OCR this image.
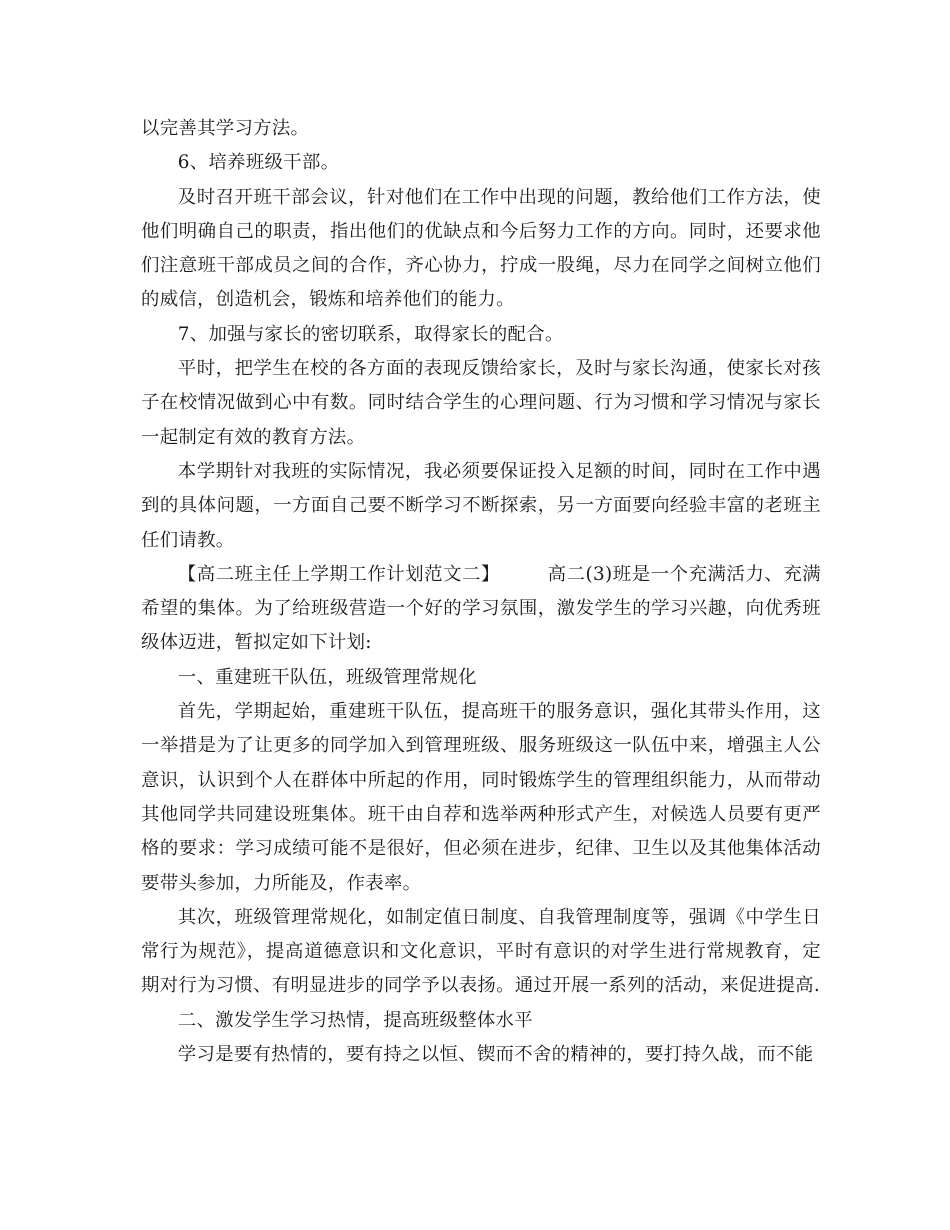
以完善其学习方法。

6、培养班级干部。

及时召开班干部会议，针对他们在工作中出现的问题，教给他们工作方法，使他们明确自己的职责，指出他们的优缺点和今后努力工作的方向。同时，还要求他们注意班干部成员之间的合作，齐心协力，拧成一股绳，尽力在同学之间树立他们的威信，创造机会，锻炼和培养他们的能力。

7、加强与家长的密切联系，取得家长的配合。

平时，把学生在校的各方面的表现反馈给家长，及时与家长沟通，使家长对孩子在校情况做到心中有数。同时结合学生的心理问题、行为习惯和学习情况与家长一起制定有效的教育方法。

本学期针对我班的实际情况，我必须要保证投入足额的时间，同时在工作中遇到的具体问题，一方面自己要不断学习不断探索，另一方面要向经验丰富的老班主任们请教。

【高二班主任上学期工作计划范文二】　　　高二(3)班是一个充满活力、充满希望的集体。为了给班级营造一个好的学习氛围，激发学生的学习兴趣，向优秀班级体迈进，暂拟定如下计划:

一、重建班干队伍，班级管理常规化

首先，学期起始，重建班干队伍，提高班干的服务意识，强化其带头作用，这一举措是为了让更多的同学加入到管理班级、服务班级这一队伍中来，增强主人公意识，认识到个人在群体中所起的作用，同时锻炼学生的管理组织能力，从而带动其他同学共同建设班集体。班干由自荐和选举两种形式产生，对候选人员要有更严格的要求：学习成绩可能不是很好，但必须在进步，纪律、卫生以及其他集体活动要带头参加，力所能及，作表率。

其次，班级管理常规化，如制定值日制度、自我管理制度等，强调《中学生日常行为规范》，提高道德意识和文化意识，平时有意识的对学生进行常规教育，定期对行为习惯、有明显进步的同学予以表扬。通过开展一系列的活动，来促进提高.

二、激发学生学习热情，提高班级整体水平

学习是要有热情的，要有持之以恒、锲而不舍的精神的，要打持久战，而不能
